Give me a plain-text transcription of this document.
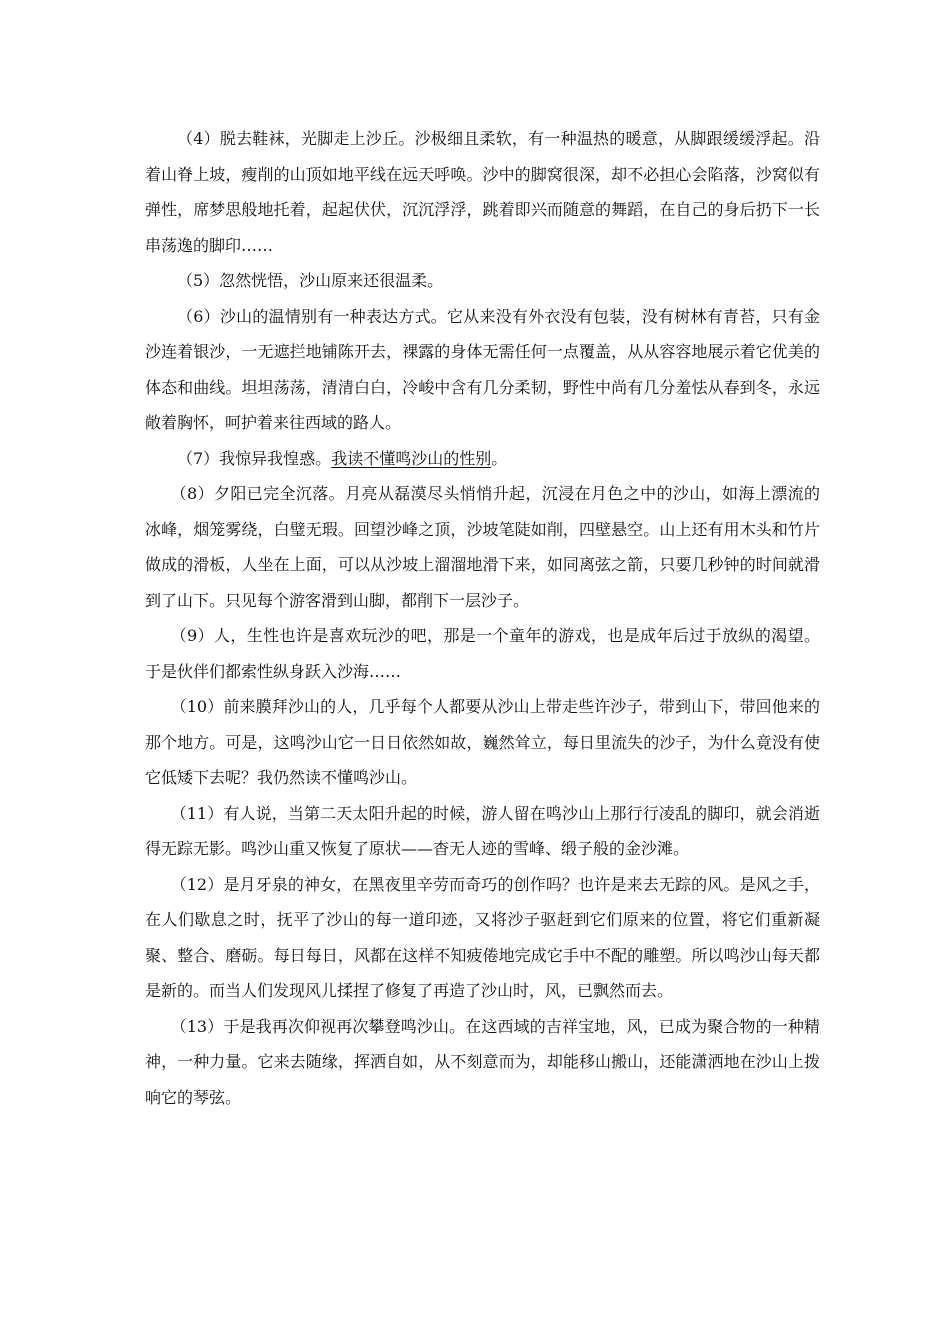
（4）脱去鞋袜，光脚走上沙丘。沙极细且柔软，有一种温热的暖意，从脚跟缓缓浮起。沿着山脊上坡，瘦削的山顶如地平线在远天呼唤。沙中的脚窝很深，却不必担心会陷落，沙窝似有弹性，席梦思般地托着，起起伏伏，沉沉浮浮，跳着即兴而随意的舞蹈，在自己的身后扔下一长串荡逸的脚印……

（5）忽然恍悟，沙山原来还很温柔。

（6）沙山的温情别有一种表达方式。它从来没有外衣没有包装，没有树林有青苔，只有金沙连着银沙，一无遮拦地铺陈开去，裸露的身体无需任何一点覆盖，从从容容地展示着它优美的体态和曲线。坦坦荡荡，清清白白，冷峻中含有几分柔韧，野性中尚有几分羞怯从春到冬，永远敞着胸怀，呵护着来往西域的路人。

（7）我惊异我惶惑。我读不懂鸣沙山的性别。

（8）夕阳已完全沉落。月亮从磊漠尽头悄悄升起，沉浸在月色之中的沙山，如海上漂流的冰峰，烟笼雾绕，白璧无瑕。回望沙峰之顶，沙坡笔陡如削，四壁悬空。山上还有用木头和竹片做成的滑板，人坐在上面，可以从沙坡上溜溜地滑下来，如同离弦之箭，只要几秒钟的时间就滑到了山下。只见每个游客滑到山脚，都削下一层沙子。

（9）人，生性也许是喜欢玩沙的吧，那是一个童年的游戏，也是成年后过于放纵的渴望。于是伙伴们都索性纵身跃入沙海……

（10）前来膜拜沙山的人，几乎每个人都要从沙山上带走些许沙子，带到山下，带回他来的那个地方。可是，这鸣沙山它一日日依然如故，巍然耸立，每日里流失的沙子，为什么竟没有使它低矮下去呢？我仍然读不懂鸣沙山。

（11）有人说，当第二天太阳升起的时候，游人留在鸣沙山上那行行凌乱的脚印，就会消逝得无踪无影。鸣沙山重又恢复了原状——杳无人迹的雪峰、缎子般的金沙滩。

（12）是月牙泉的神女，在黑夜里辛劳而奇巧的创作吗？也许是来去无踪的风。是风之手，在人们歇息之时，抚平了沙山的每一道印迹，又将沙子驱赶到它们原来的位置，将它们重新凝聚、整合、磨砺。每日每日，风都在这样不知疲倦地完成它手中不配的雕塑。所以鸣沙山每天都是新的。而当人们发现风儿揉捏了修复了再造了沙山时，风，已飘然而去。

（13）于是我再次仰视再次攀登鸣沙山。在这西域的吉祥宝地，风，已成为聚合物的一种精神，一种力量。它来去随缘，挥洒自如，从不刻意而为，却能移山搬山，还能潇洒地在沙山上拨响它的琴弦。
